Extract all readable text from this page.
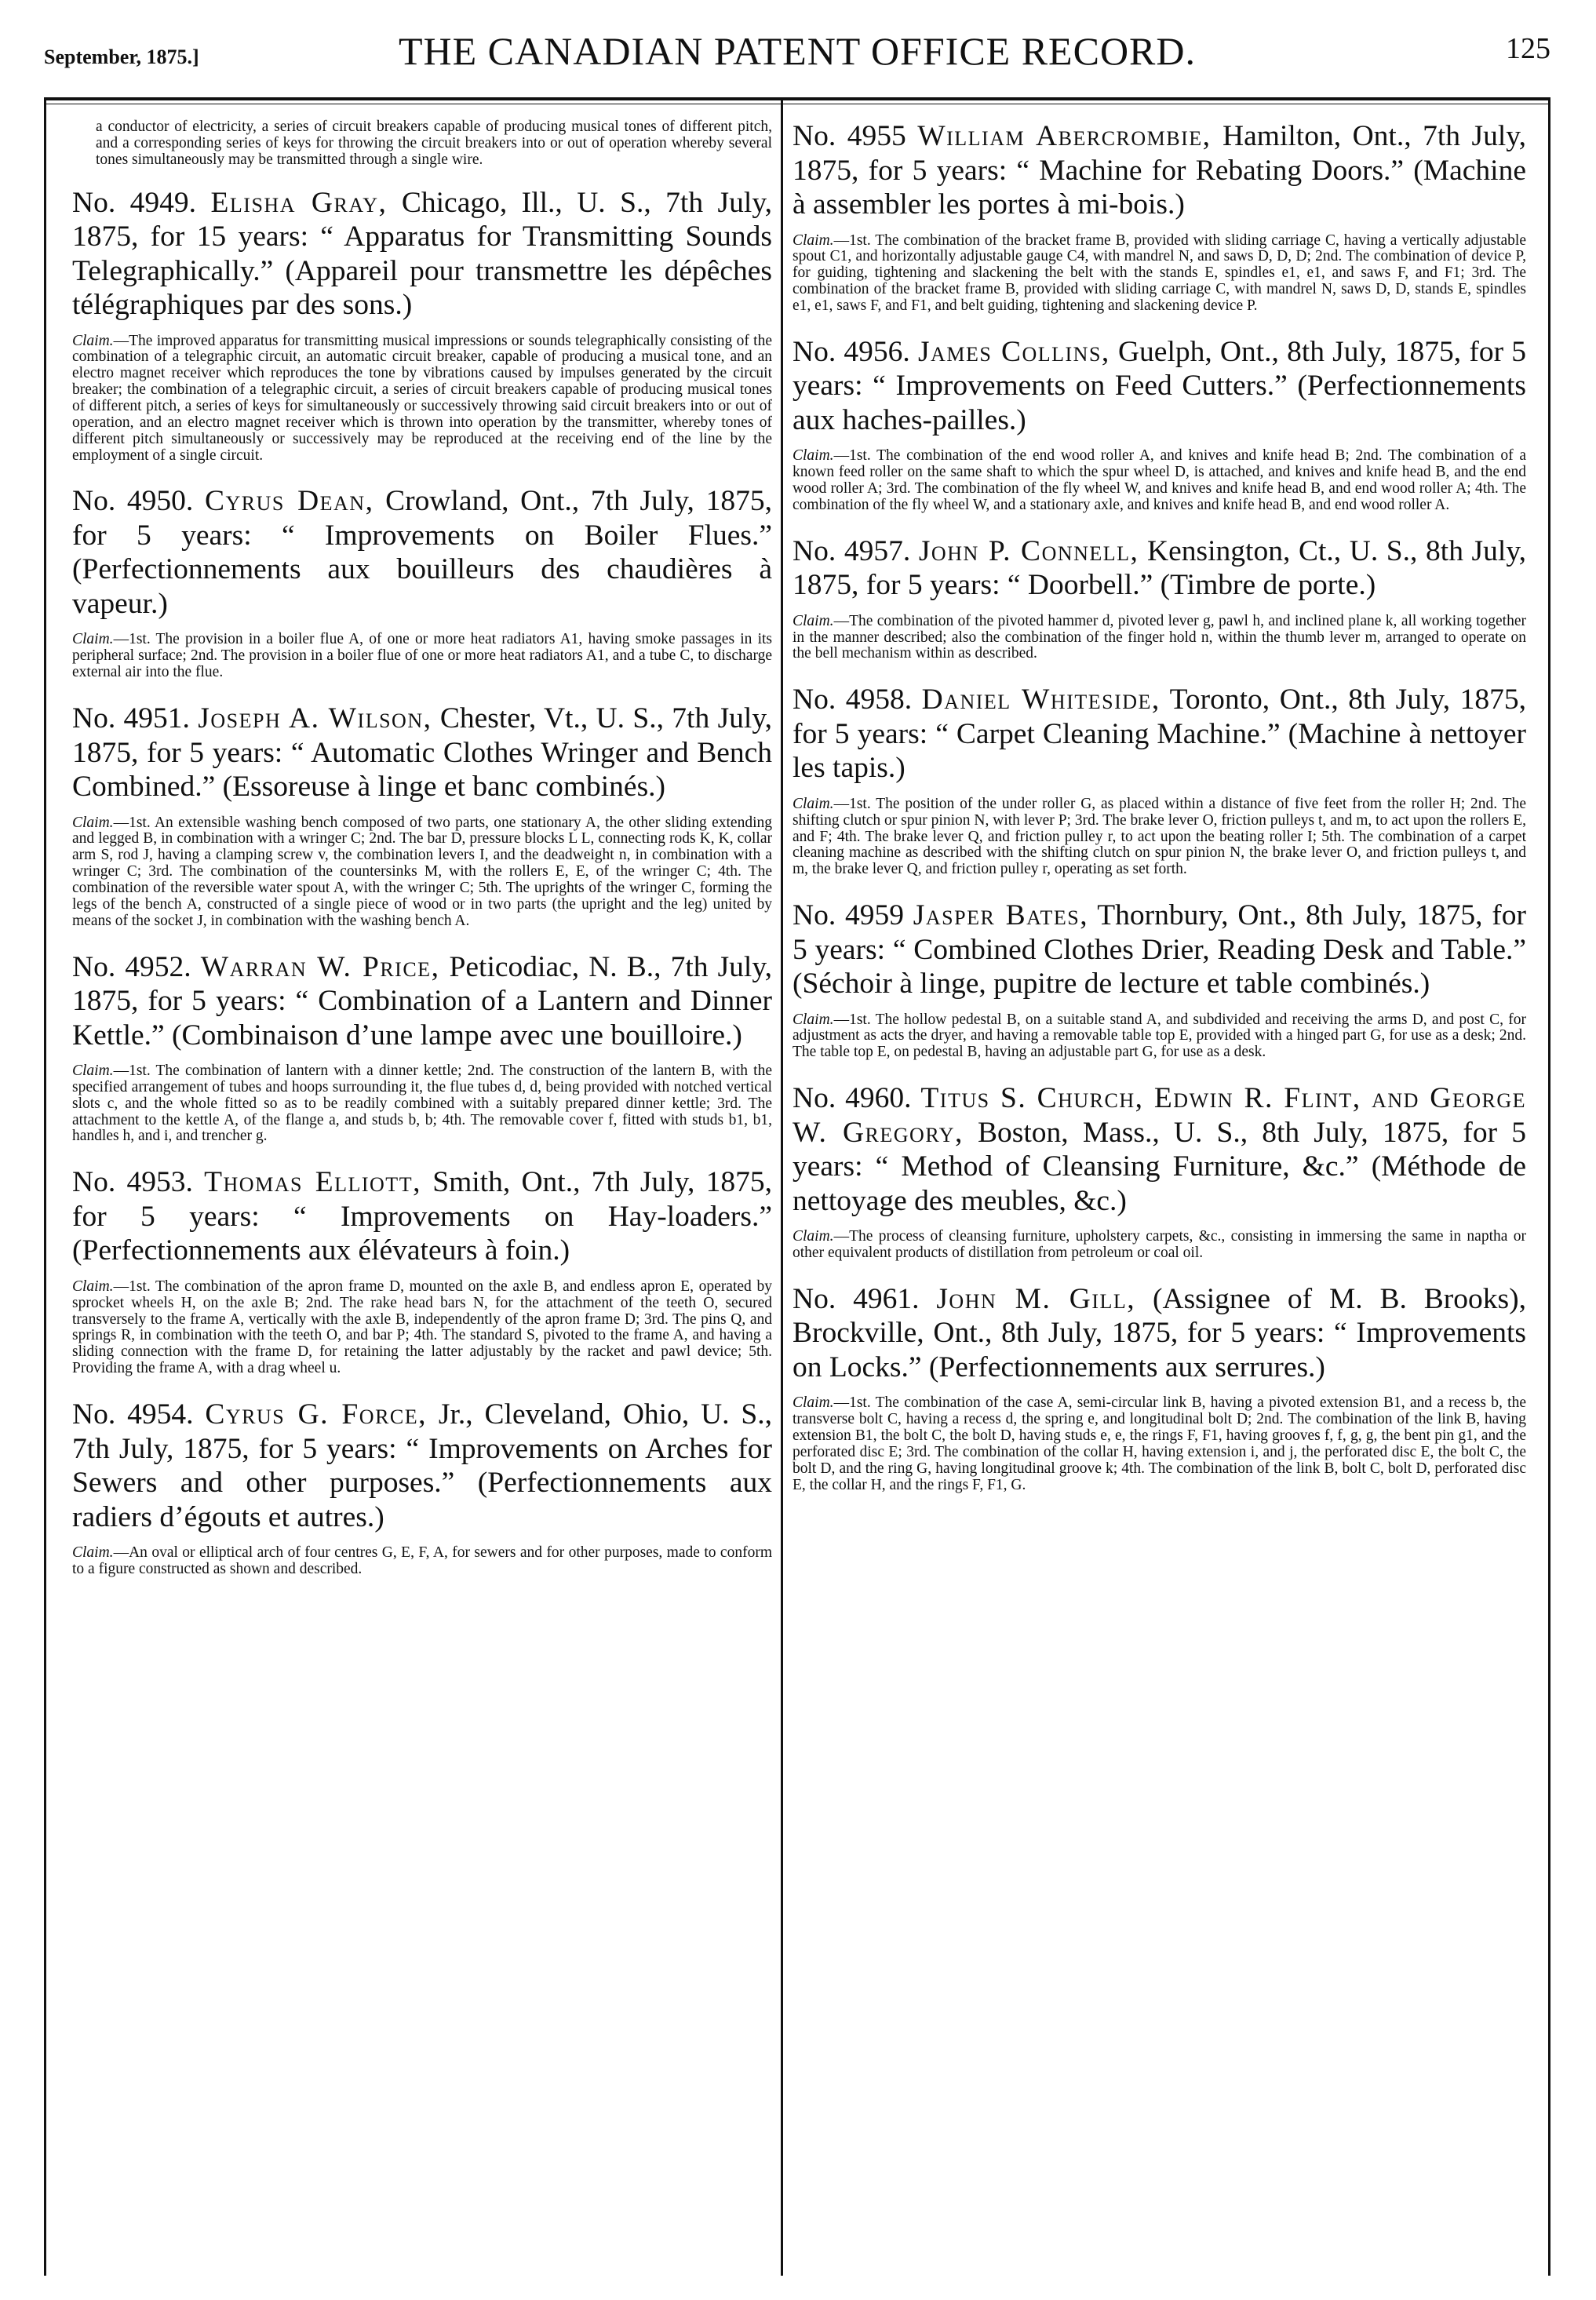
September, 1875.]	THE CANADIAN PATENT OFFICE RECORD.	125

a conductor of electricity, a series of circuit breakers capable of producing musical tones of different pitch, and a corresponding series of keys for throwing the circuit breakers into or out of operation whereby several tones simultaneously may be transmitted through a single wire.

No. 4949. Elisha Gray, Chicago, Ill., U. S., 7th July, 1875, for 15 years: “ Apparatus for Transmitting Sounds Telegraphically.” (Appareil pour transmettre les dépêches télégraphiques par des sons.)

Claim.—The improved apparatus for transmitting musical impressions or sounds telegraphically consisting of the combination of a telegraphic circuit, an automatic circuit breaker, capable of producing a musical tone, and an electro magnet receiver which reproduces the tone by vibrations caused by impulses generated by the circuit breaker; the combination of a telegraphic circuit, a series of circuit breakers capable of producing musical tones of different pitch, a series of keys for simultaneously or successively throwing said circuit breakers into or out of operation, and an electro magnet receiver which is thrown into operation by the transmitter, whereby tones of different pitch simultaneously or successively may be reproduced at the receiving end of the line by the employment of a single circuit.

No. 4950. Cyrus Dean, Crowland, Ont., 7th July, 1875, for 5 years: “ Improvements on Boiler Flues.” (Perfectionnements aux bouilleurs des chaudières à vapeur.)

Claim.—1st. The provision in a boiler flue A, of one or more heat radiators A1, having smoke passages in its peripheral surface; 2nd. The provision in a boiler flue of one or more heat radiators A1, and a tube C, to discharge external air into the flue.

No. 4951. Joseph A. Wilson, Chester, Vt., U. S., 7th July, 1875, for 5 years: “ Automatic Clothes Wringer and Bench Combined.” (Essoreuse à linge et banc combinés.)

Claim.—1st. An extensible washing bench composed of two parts, one stationary A, the other sliding extending and legged B, in combination with a wringer C; 2nd. The bar D, pressure blocks L L, connecting rods K, K, collar arm S, rod J, having a clamping screw v, the combination levers I, and the deadweight n, in combination with a wringer C; 3rd. The combination of the countersinks M, with the rollers E, E, of the wringer C; 4th. The combination of the reversible water spout A, with the wringer C; 5th. The uprights of the wringer C, forming the legs of the bench A, constructed of a single piece of wood or in two parts (the upright and the leg) united by means of the socket J, in combination with the washing bench A.

No. 4952. Warran W. Price, Peticodiac, N. B., 7th July, 1875, for 5 years: “ Combination of a Lantern and Dinner Kettle.” (Combinaison d’une lampe avec une bouilloire.)

Claim.—1st. The combination of lantern with a dinner kettle; 2nd. The construction of the lantern B, with the specified arrangement of tubes and hoops surrounding it, the flue tubes d, d, being provided with notched vertical slots c, and the whole fitted so as to be readily combined with a suitably prepared dinner kettle; 3rd. The attachment to the kettle A, of the flange a, and studs b, b; 4th. The removable cover f, fitted with studs b1, b1, handles h, and i, and trencher g.

No. 4953. Thomas Elliott, Smith, Ont., 7th July, 1875, for 5 years: “ Improvements on Hay-loaders.” (Perfectionnements aux élévateurs à foin.)

Claim.—1st. The combination of the apron frame D, mounted on the axle B, and endless apron E, operated by sprocket wheels H, on the axle B; 2nd. The rake head bars N, for the attachment of the teeth O, secured transversely to the frame A, vertically with the axle B, independently of the apron frame D; 3rd. The pins Q, and springs R, in combination with the teeth O, and bar P; 4th. The standard S, pivoted to the frame A, and having a sliding connection with the frame D, for retaining the latter adjustably by the racket and pawl device; 5th. Providing the frame A, with a drag wheel u.

No. 4954. Cyrus G. Force, Jr., Cleveland, Ohio, U. S., 7th July, 1875, for 5 years: “ Improvements on Arches for Sewers and other purposes.” (Perfectionnements aux radiers d’égouts et autres.)

Claim.—An oval or elliptical arch of four centres G, E, F, A, for sewers and for other purposes, made to conform to a figure constructed as shown and described.

No. 4955 William Abercrombie, Hamilton, Ont., 7th July, 1875, for 5 years: “ Machine for Rebating Doors.” (Machine à assembler les portes à mi-bois.)

Claim.—1st. The combination of the bracket frame B, provided with sliding carriage C, having a vertically adjustable spout C1, and horizontally adjustable gauge C4, with mandrel N, and saws D, D, D; 2nd. The combination of device P, for guiding, tightening and slackening the belt with the stands E, spindles e1, e1, and saws F, and F1; 3rd. The combination of the bracket frame B, provided with sliding carriage C, with mandrel N, saws D, D, stands E, spindles e1, e1, saws F, and F1, and belt guiding, tightening and slackening device P.

No. 4956. James Collins, Guelph, Ont., 8th July, 1875, for 5 years: “ Improvements on Feed Cutters.” (Perfectionnements aux haches-pailles.)

Claim.—1st. The combination of the end wood roller A, and knives and knife head B; 2nd. The combination of a known feed roller on the same shaft to which the spur wheel D, is attached, and knives and knife head B, and the end wood roller A; 3rd. The combination of the fly wheel W, and knives and knife head B, and end wood roller A; 4th. The combination of the fly wheel W, and a stationary axle, and knives and knife head B, and end wood roller A.

No. 4957. John P. Connell, Kensington, Ct., U. S., 8th July, 1875, for 5 years: “ Doorbell.” (Timbre de porte.)

Claim.—The combination of the pivoted hammer d, pivoted lever g, pawl h, and inclined plane k, all working together in the manner described; also the combination of the finger hold n, within the thumb lever m, arranged to operate on the bell mechanism within as described.

No. 4958. Daniel Whiteside, Toronto, Ont., 8th July, 1875, for 5 years: “ Carpet Cleaning Machine.” (Machine à nettoyer les tapis.)

Claim.—1st. The position of the under roller G, as placed within a distance of five feet from the roller H; 2nd. The shifting clutch or spur pinion N, with lever P; 3rd. The brake lever O, friction pulleys t, and m, to act upon the rollers E, and F; 4th. The brake lever Q, and friction pulley r, to act upon the beating roller I; 5th. The combination of a carpet cleaning machine as described with the shifting clutch on spur pinion N, the brake lever O, and friction pulleys t, and m, the brake lever Q, and friction pulley r, operating as set forth.

No. 4959 Jasper Bates, Thornbury, Ont., 8th July, 1875, for 5 years: “ Combined Clothes Drier, Reading Desk and Table.” (Séchoir à linge, pupitre de lecture et table combinés.)

Claim.—1st. The hollow pedestal B, on a suitable stand A, and subdivided and receiving the arms D, and post C, for adjustment as acts the dryer, and having a removable table top E, provided with a hinged part G, for use as a desk; 2nd. The table top E, on pedestal B, having an adjustable part G, for use as a desk.

No. 4960. Titus S. Church, Edwin R. Flint, and George W. Gregory, Boston, Mass., U. S., 8th July, 1875, for 5 years: “ Method of Cleansing Furniture, &c.” (Méthode de nettoyage des meubles, &c.)

Claim.—The process of cleansing furniture, upholstery carpets, &c., consisting in immersing the same in naptha or other equivalent products of distillation from petroleum or coal oil.

No. 4961. John M. Gill, (Assignee of M. B. Brooks), Brockville, Ont., 8th July, 1875, for 5 years: “ Improvements on Locks.” (Perfectionnements aux serrures.)

Claim.—1st. The combination of the case A, semi-circular link B, having a pivoted extension B1, and a recess b, the transverse bolt C, having a recess d, the spring e, and longitudinal bolt D; 2nd. The combination of the link B, having extension B1, the bolt C, the bolt D, having studs e, e, the rings F, F1, having grooves f, f, g, g, the bent pin g1, and the perforated disc E; 3rd. The combination of the collar H, having extension i, and j, the perforated disc E, the bolt C, the bolt D, and the ring G, having longitudinal groove k; 4th. The combination of the link B, bolt C, bolt D, perforated disc E, the collar H, and the rings F, F1, G.
